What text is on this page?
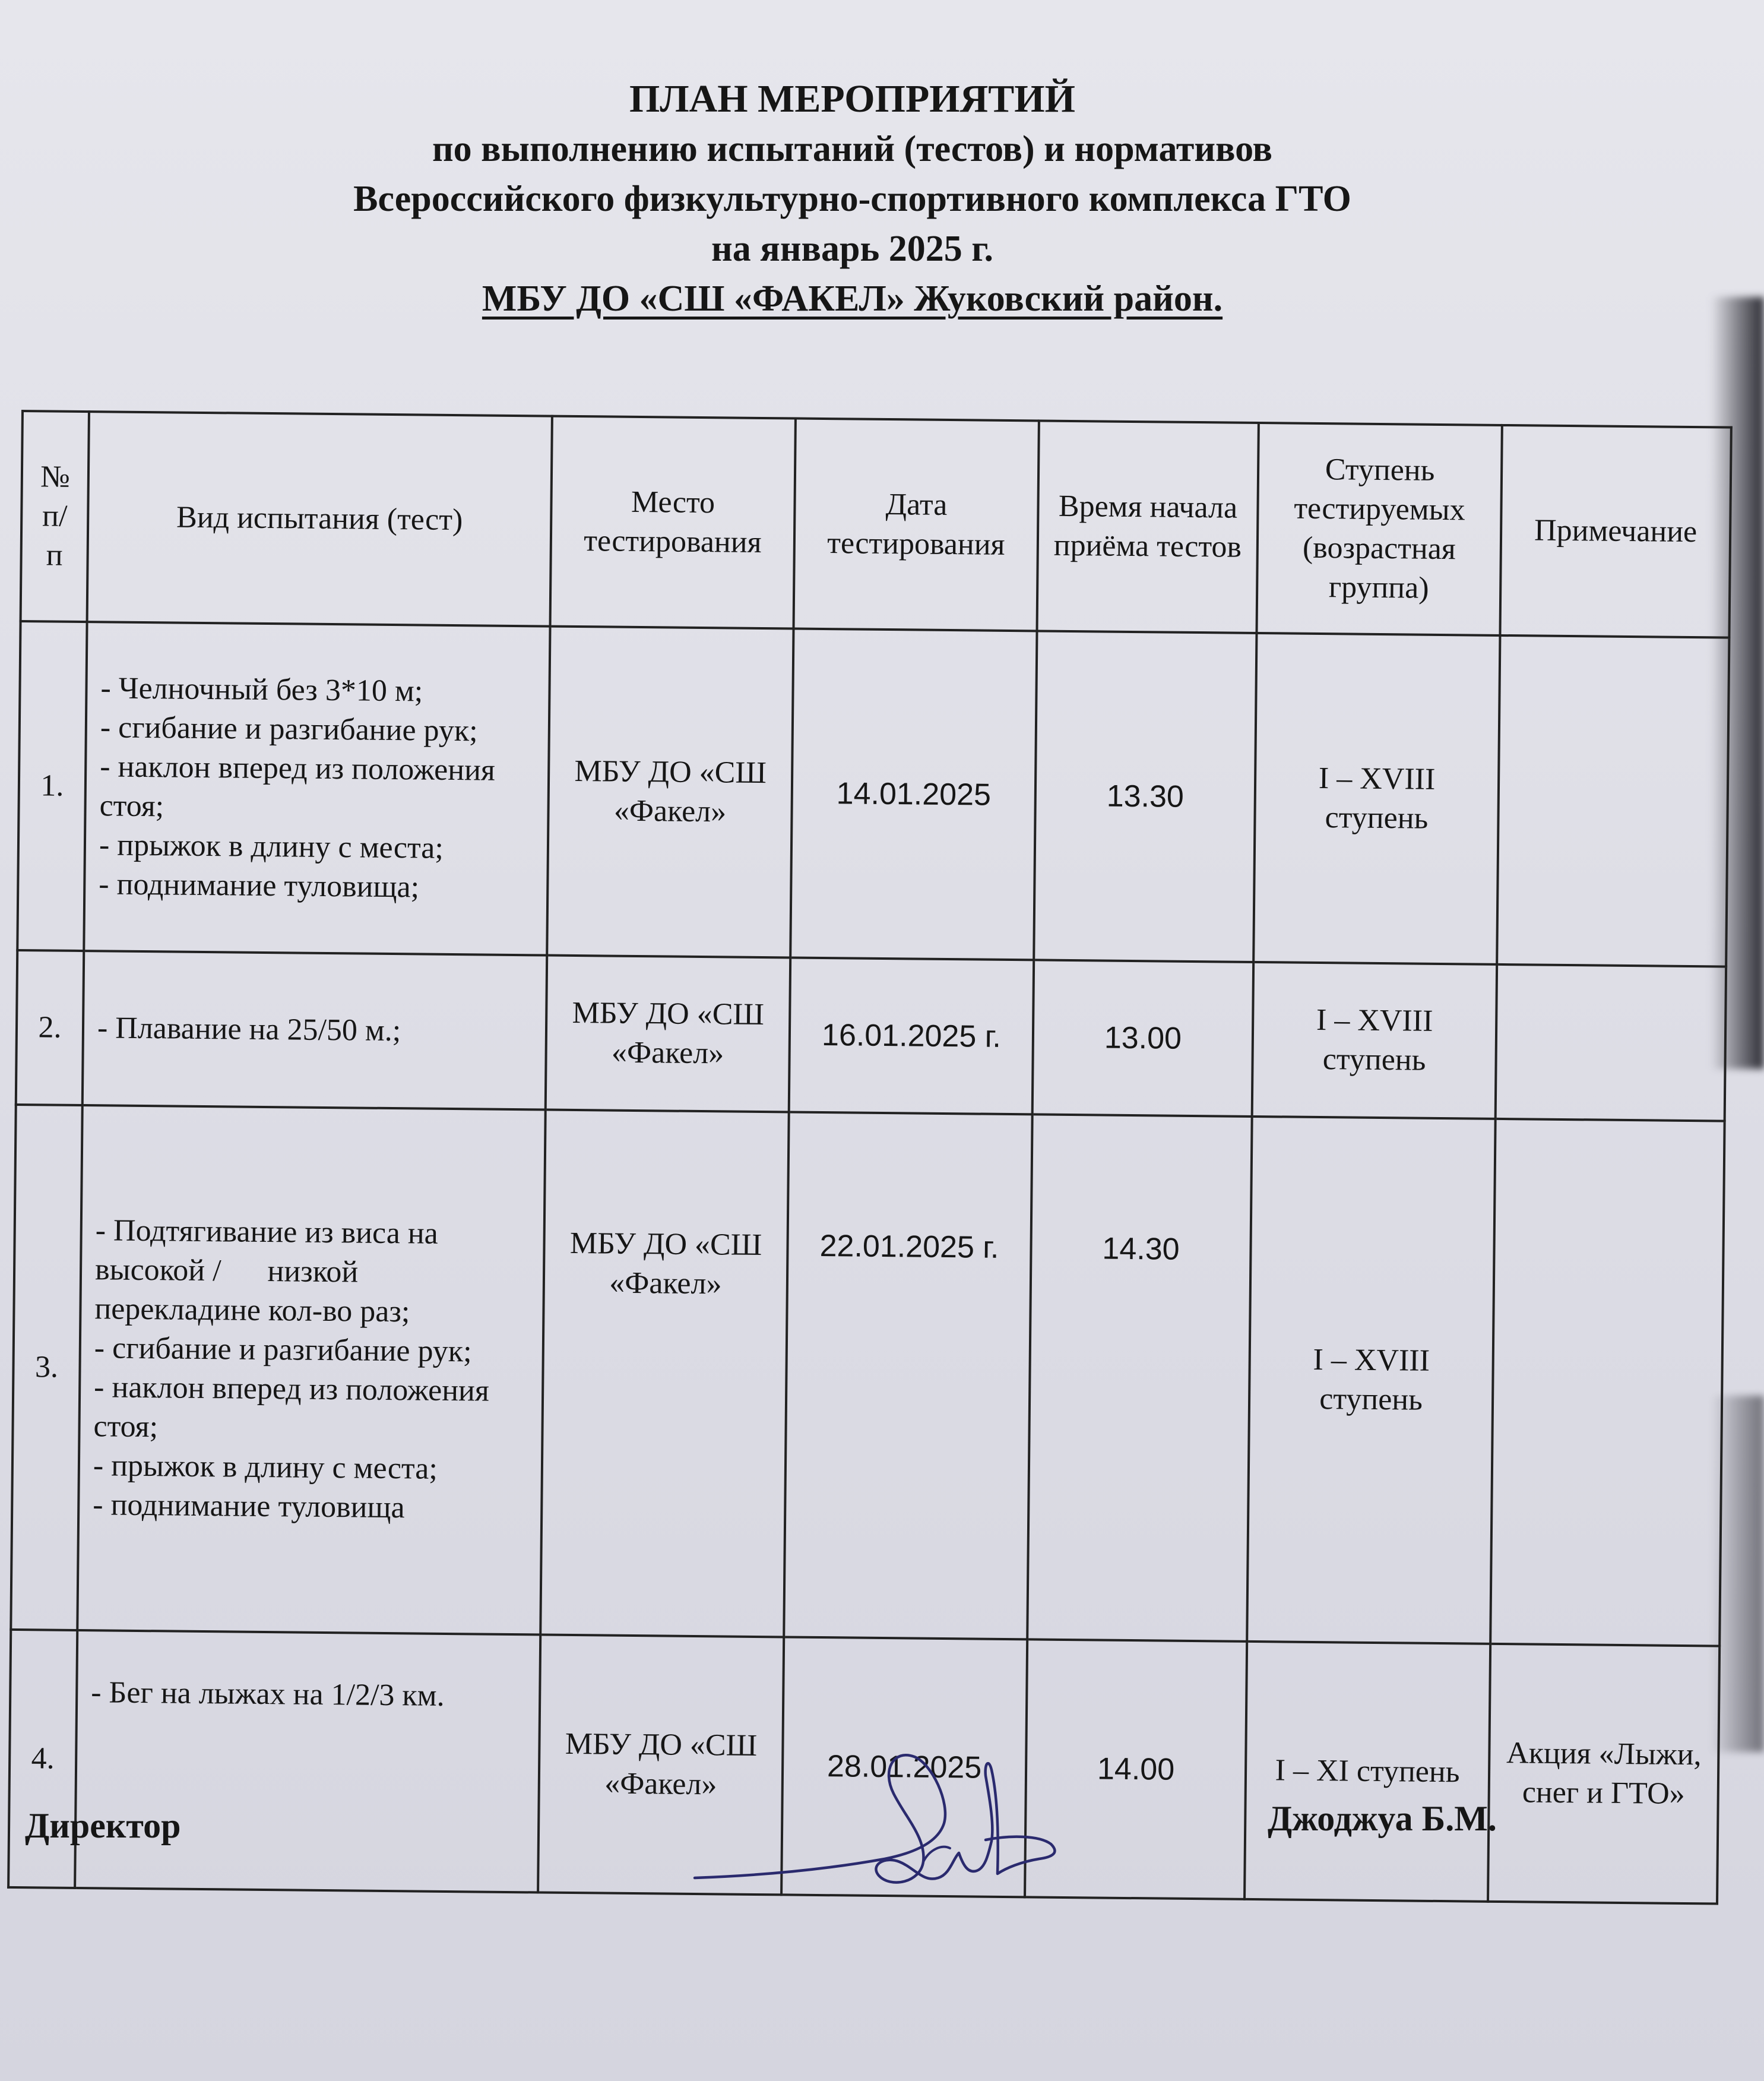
ПЛАН МЕРОПРИЯТИЙ
по выполнению испытаний (тестов) и нормативов
Всероссийского физкультурно-спортивного комплекса ГТО
на январь 2025 г.
МБУ ДО «СШ «ФАКЕЛ» Жуковский район.
№ п/п	Вид испытания (тест)	Место тестирования	Дата тестирования	Время начала приёма тестов	Ступень тестируемых (возрастная группа)	Примечание
1.	- Челночный без 3*10 м;
- сгибание и разгибание рук;
- наклон вперед из положения стоя;
- прыжок в длину с места;
- поднимание туловища;	МБУ ДО «СШ «Факел»	14.01.2025	13.30	I – XVIII ступень	
2.	- Плавание на 25/50 м.;	МБУ ДО «СШ «Факел»	16.01.2025 г.	13.00	I – XVIII ступень	
3.	- Подтягивание из виса на высокой /      низкой перекладине кол-во раз;
- сгибание и разгибание рук;
- наклон вперед из положения стоя;
- прыжок в длину с места;
- поднимание туловища	МБУ ДО «СШ «Факел»	22.01.2025 г.	14.30	I – XVIII ступень	
4.	- Бег на лыжах на 1/2/3 км.	МБУ ДО «СШ «Факел»	28.01.2025	14.00	I – XI ступень	Акция «Лыжи, снег и ГТО»
Директор	Джоджуа Б.М.
